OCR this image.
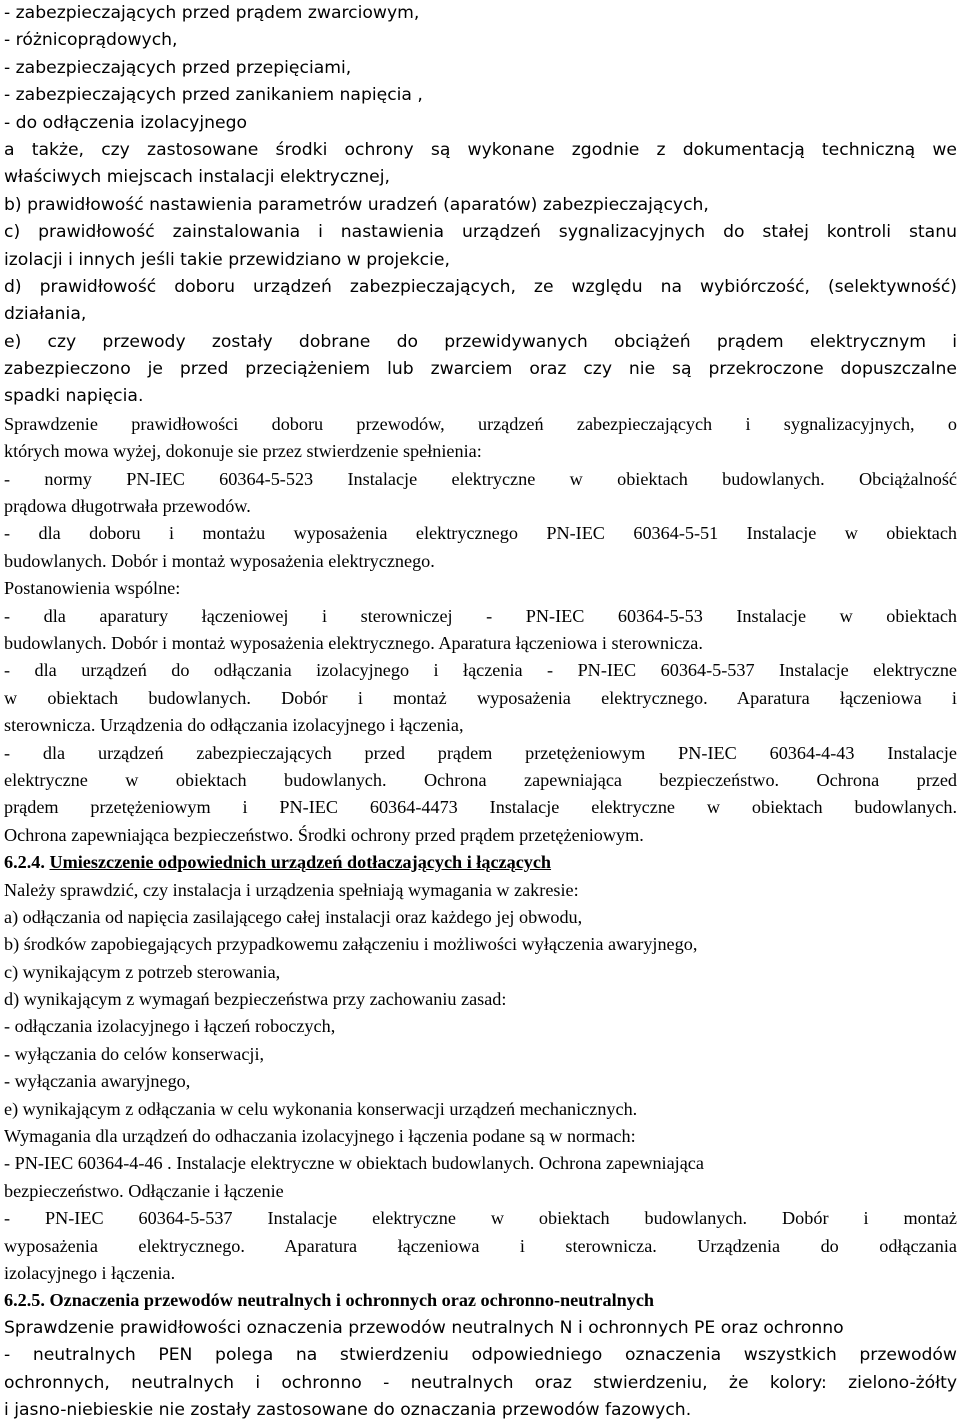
- zabezpieczających przed prądem zwarciowym,
- różnicoprądowych,
- zabezpieczających przed przepięciami,
- zabezpieczających przed zanikaniem napięcia ,
- do odłączenia izolacyjnego
a także, czy zastosowane środki ochrony są wykonane zgodnie z dokumentacją techniczną we
właściwych miejscach instalacji elektrycznej,
b) prawidłowość nastawienia parametrów uradzeń (aparatów) zabezpieczających,
c) prawidłowość zainstalowania i nastawienia urządzeń sygnalizacyjnych do stałej kontroli stanu
izolacji i innych jeśli takie przewidziano w projekcie,
d) prawidłowość doboru urządzeń zabezpieczających, ze względu na wybiórczość, (selektywność)
działania,
e) czy przewody zostały dobrane do przewidywanych obciążeń prądem elektrycznym i
zabezpieczono je przed przeciążeniem lub zwarciem oraz czy nie są przekroczone dopuszczalne
spadki napięcia.
Sprawdzenie prawidłowości doboru przewodów, urządzeń zabezpieczających i sygnalizacyjnych, o
których mowa wyżej, dokonuje sie przez stwierdzenie spełnienia:
- normy PN-IEC 60364-5-523 Instalacje elektryczne w obiektach budowlanych. Obciążalność
prądowa długotrwała przewodów.
- dla doboru i montażu wyposażenia elektrycznego PN-IEC 60364-5-51 Instalacje w obiektach
budowlanych. Dobór i montaż wyposażenia elektrycznego.
Postanowienia wspólne:
- dla aparatury łączeniowej i sterowniczej - PN-IEC 60364-5-53 Instalacje w obiektach
budowlanych. Dobór i montaż wyposażenia elektrycznego. Aparatura łączeniowa i sterownicza.
- dla urządzeń do odłączania izolacyjnego i łączenia - PN-IEC 60364-5-537 Instalacje elektryczne
w obiektach budowlanych. Dobór i montaż wyposażenia elektrycznego. Aparatura łączeniowa i
sterownicza. Urządzenia do odłączania izolacyjnego i łączenia,
- dla urządzeń zabezpieczających przed prądem przetężeniowym PN-IEC 60364-4-43 Instalacje
elektryczne w obiektach budowlanych. Ochrona zapewniająca bezpieczeństwo. Ochrona przed
prądem przetężeniowym i PN-IEC 60364-4473 Instalacje elektryczne w obiektach budowlanych.
Ochrona zapewniająca bezpieczeństwo. Środki ochrony przed prądem przetężeniowym.
6.2.4. Umieszczenie odpowiednich urządzeń dotłaczających i łączących
Należy sprawdzić, czy instalacja i urządzenia spełniają wymagania w zakresie:
a) odłączania od napięcia zasilającego całej instalacji oraz każdego jej obwodu,
b) środków zapobiegających przypadkowemu załączeniu i możliwości wyłączenia awaryjnego,
c) wynikającym z potrzeb sterowania,
d) wynikającym z wymagań bezpieczeństwa przy zachowaniu zasad:
- odłączania izolacyjnego i łączeń roboczych,
- wyłączania do celów konserwacji,
- wyłączania awaryjnego,
e) wynikającym z odłączania w celu wykonania konserwacji urządzeń mechanicznych.
Wymagania dla urządzeń do odhaczania izolacyjnego i łączenia podane są w normach:
- PN-IEC 60364-4-46 . Instalacje elektryczne w obiektach budowlanych. Ochrona zapewniająca
bezpieczeństwo. Odłączanie i łączenie
- PN-IEC 60364-5-537 Instalacje elektryczne w obiektach budowlanych. Dobór i montaż
wyposażenia elektrycznego. Aparatura łączeniowa i sterownicza. Urządzenia do odłączania
izolacyjnego i łączenia.
6.2.5. Oznaczenia przewodów neutralnych i ochronnych oraz ochronno-neutralnych
Sprawdzenie prawidłowości oznaczenia przewodów neutralnych N i ochronnych PE oraz ochronno
- neutralnych PEN polega na stwierdzeniu odpowiedniego oznaczenia wszystkich przewodów
ochronnych, neutralnych i ochronno - neutralnych oraz stwierdzeniu, że kolory: zielono-żółty
i jasno-niebieskie nie zostały zastosowane do oznaczania przewodów fazowych.
